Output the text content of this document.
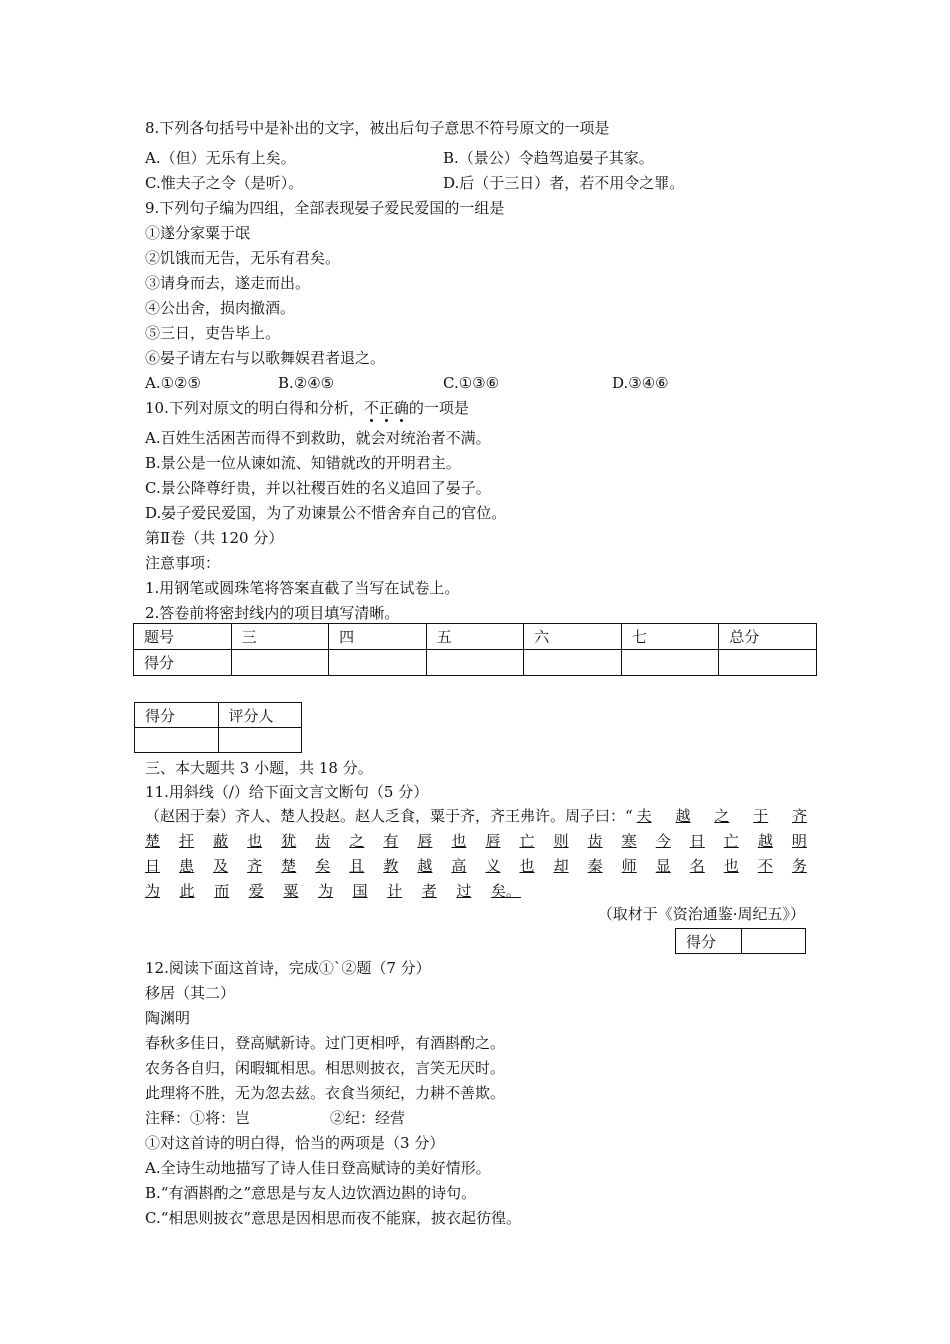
8.下列各句括号中是补出的文字，被出后句子意思不符号原文的一项是
A.（但）无乐有上矣。	B.（景公）令趋驾追晏子其家。
C.惟夫子之令（是听）。	D.后（于三日）者，若不用令之罪。
9.下列句子编为四组，全部表现晏子爱民爱国的一组是
①遂分家粟于氓
②饥饿而无告，无乐有君矣。
③请身而去，遂走而出。
④公出舍，损肉撤酒。
⑤三日，吏告毕上。
⑥晏子请左右与以歌舞娱君者退之。
A.①②⑤	B.②④⑤	C.①③⑥	D.③④⑥
10.下列对原文的明白得和分析，不正确的一项是
A.百姓生活困苦而得不到救助，就会对统治者不满。
B.景公是一位从谏如流、知错就改的开明君主。
C.景公降尊纡贵，并以社稷百姓的名义追回了晏子。
D.晏子爱民爱国，为了劝谏景公不惜舍弃自己的官位。
第Ⅱ卷（共 120 分）
注意事项：
1.用钢笔或圆珠笔将答案直截了当写在试卷上。
2.答卷前将密封线内的项目填写清晰。
题号	三	四	五	六	七	总分
得分						
得分	评分人

三、本大题共 3 小题，共 18 分。
11.用斜线（/）给下面文言文断句（5 分）
（赵困于秦）齐人、楚人投赵。赵人乏食，粟于齐，齐王弗许。周子曰：“ 夫 越 之 于 齐
楚 扞 蔽 也 犹 齿 之 有 唇 也 唇 亡 则 齿 寒 今 日 亡 越 明
日 患 及 齐 楚 矣 且 教 越 高 义 也 却 秦 师 显 名 也 不 务
为 此 而 爱 粟 为 国 计 者 过 矣。
（取材于《资治通鉴·周纪五》）
得分	
12.阅读下面这首诗，完成①`②题（7 分）
移居（其二）
陶渊明
春秋多佳日，登高赋新诗。过门更相呼，有酒斟酌之。
农务各自归，闲暇辄相思。相思则披衣，言笑无厌时。
此理将不胜，无为忽去兹。衣食当须纪，力耕不善欺。
注释：①将：岂	②纪：经营
①对这首诗的明白得，恰当的两项是（3 分）
A.全诗生动地描写了诗人佳日登高赋诗的美好情形。
B.“有酒斟酌之”意思是与友人边饮酒边斟的诗句。
C.“相思则披衣”意思是因相思而夜不能寐，披衣起彷徨。
